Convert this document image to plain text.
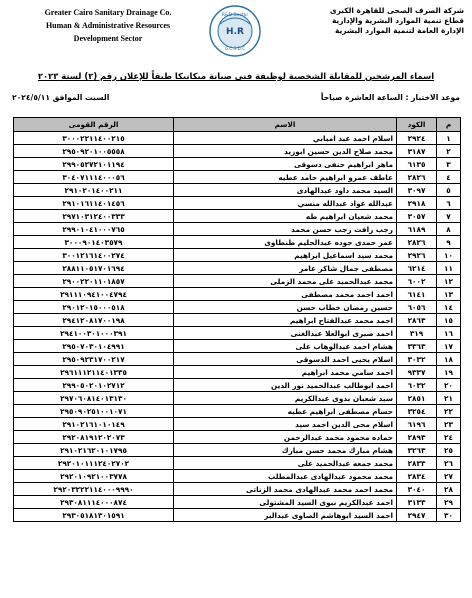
Greater Cairo Sanitary Drainage Co.
Human & Administrative Resources
Development Sector
R&D Sector
H.R
G.C.S.D.C
شركة الصرف الصحى للقاهرة الكبرى
قطاع تنمية الموارد البشرية والإدارية
الإدارة العامة لتنمية الموارد البشرية
اسماء المرشحين للمقابلة الشخصية لوظيفة فنى صيانة ميكانيكا طبقاً للإعلان رقم (٢) لسنة ٢٠٢٣
موعد الاختبار : الساعة العاشرة صباحاً
السبت الموافق ٢٠٢٤/٥/١١
م	الكود	الاسم	الرقم القومى
١	٢٩٢٤	اسلام احمد عبد امبابي	٣٠٠٠٢٢١١٤٠٠٢١٥
٢	٣١٨٧	محمد صلاح الدين حسين ابوزيد	٢٩٥٠٩٢٠١٠٠٥٥٥٨
٣	٦١٣٥	ماهر ابراهيم حنفى دسوقى	٢٩٩٠٥٢٧٢١٠١١٩٤
٤	٢٨٢٦	عاطف عمرو ابراهيم حامد عطيه	٣٠٤٠٧١١١٤٠٠٠٥٦
٥	٣٠٩٧	السيد محمد داود عبدالهادى	٢٩١٠٢٠١٤٠٠٢١١
٦	٢٩١٨	عبدالله عواد عبدالله منسي	٢٩١٠١٦١١٤٠١٤٥٦
٧	٣٠٥٧	محمد شعبان ابراهيم طه	٢٩٧١٠٣١٢٤٠٠٣٣٣
٨	٦١٨٩	رجب رافت رجب حسن محمد	٢٩٩٠١٠٤١٠٠٠٧٦٥
٩	٢٨٢٦	عمر حمدى جوده عبدالحليم طنطاوى	٣٠٠٠٩٠١٤٠٣٥٧٩
١٠	٢٩٢٦	محمد سيد اسماعيل ابراهيم	٣٠٠١٢١٦١٤٠٠٢٧٤
١١	٦٢١٤	مصطفى جمال شاكر عامر	٢٨٨١١٠٥١٧٠١٦٩٤
١٢	٦٠٠٢	محمد عبدالحميد على محمد الزملى	٢٩٠٠٢٢٠١١٠١٨٥٧
١٣	٦١٤١	احمد احمد محمد مصطفى	٢٩١١١٠٩٤١٠٠٤٧٩٤
١٤	٦٠٥٦	حسين رمضان خطاب حسن	٢٩٠١٢٠١٥٠٠٠٥١٨
١٥	٢٨٦٣	احمد محمد عبدالفتاح ابراهيم	٢٩٤١٢٠٨١٧٠٠١٩٨
١٦	٣١٩	احمد صبرى ابوالعلا عبدالغنى	٢٩٤١٠٠٣٠١٠٠٠٣٩١
١٧	٣٣٦٣	هشام احمد عبدالوهاب على	٢٩٥٠٧٠٣٠١٠٤٩٩١
١٨	٣٠٣٢	اسلام يحيى احمد الدسوقى	٢٩٥٠٩٢٣١٧٠٠٢١٧
١٩	٩٣٣٧	احمد سامي محمد ابراهيم	٢٩٦١١١٢١١٤٠١٣٣٥
٢٠	٦٠٣٢	احمد ابوطالب عبدالحميد نور الدين	٢٩٩٠٥٠٢٠١٠٢٧١٢
٢١	٢٨٥١	سيد شعبان بدوى عبدالكريم	٢٩٧٠٦٠٨١٤٠١٣١٣٠
٢٢	٣٢٥٤	حسام مصطفى ابراهيم عطيه	٢٩٥٠٩٠٢٥١٠٠١٠٧١
٢٣	٦١٩٦	اسلام محى الدين احمد سيد	٢٩١٠٢١٦١٠١٠١٤٩
٢٤	٢٨٩٣	حماده محمود محمد عبدالرحمن	٢٩٢٠٨١٩١٢٠٢٠٧٣
٢٥	٣٢٦٣	هشام مبارك محمد حسن مبارك	٢٩١٠٢١٦٢٠١٠١٧٩٥
٢٦	٢٨٣٣	محمد جمعه عبدالحميد على	٢٩٢٠١٠١١١٢٤٠٢٧٠٢
٢٧	٢٨٣٤	محمد محمود عبدالهادى عبدالمطلب	٢٩٢٠١٠٩٢١٠٠٣٧٧٨
٢٨	٣٠٤٠	محمد احمد محمد عبدالهادى محمد الزناتى	٢٩٢٠٣٢٢٢١١٤٠٠٠٩٩٩٠
٢٩	٣١٣٣	احمد عبدالكريم نبوى السيد المشتولى	٢٩٣٠٨١١١٤٠٠٠٨٧٤
٣٠	٢٩٤٧	احمد السيد ابوهاشم الصاوى عبدالبر	٢٩٣٠٥١٨١٣٠١٥٩١
